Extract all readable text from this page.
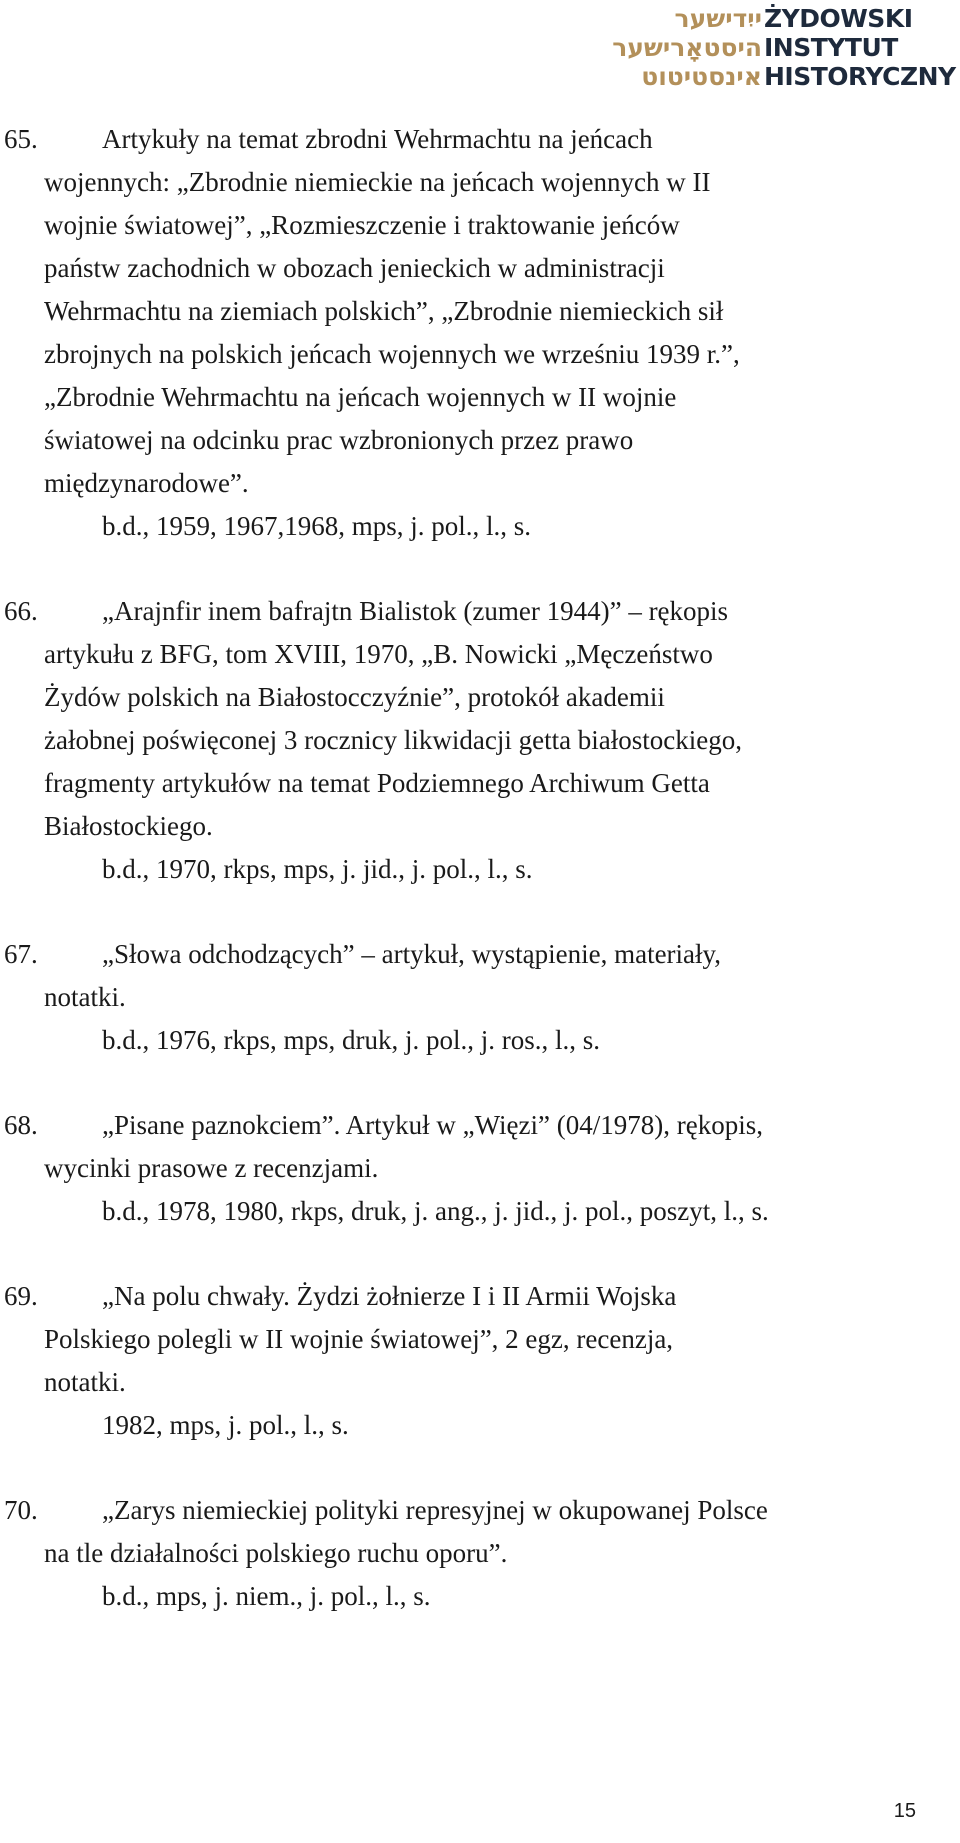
ייִדישער
היסטאָרישער
אינסטיטוט
ŻYDOWSKI
INSTYTUT
HISTORYCZNY
65.	Artykuły na temat zbrodni Wehrmachtu na jeńcach
wojennych: „Zbrodnie niemieckie na jeńcach wojennych w II
wojnie światowej”, „Rozmieszczenie i traktowanie jeńców
państw zachodnich w obozach jenieckich w administracji
Wehrmachtu na ziemiach polskich”, „Zbrodnie niemieckich sił
zbrojnych na polskich jeńcach wojennych we wrześniu 1939 r.”,
„Zbrodnie Wehrmachtu na jeńcach wojennych w II wojnie
światowej na odcinku prac wzbronionych przez prawo
międzynarodowe”.
b.d., 1959, 1967,1968, mps, j. pol., l., s.
66.	„Arajnfir inem bafrajtn Bialistok (zumer 1944)” – rękopis
artykułu z BFG, tom XVIII, 1970, „B. Nowicki „Męczeństwo
Żydów polskich na Białostocczyźnie”, protokół akademii
żałobnej poświęconej 3 rocznicy likwidacji getta białostockiego,
fragmenty artykułów na temat Podziemnego Archiwum Getta
Białostockiego.
b.d., 1970, rkps, mps, j. jid., j. pol., l., s.
67.	„Słowa odchodzących” – artykuł, wystąpienie, materiały,
notatki.
b.d., 1976, rkps, mps, druk, j. pol., j. ros., l., s.
68.	„Pisane paznokciem”. Artykuł w „Więzi” (04/1978), rękopis,
wycinki prasowe z recenzjami.
b.d., 1978, 1980, rkps, druk, j. ang., j. jid., j. pol., poszyt, l., s.
69.	„Na polu chwały. Żydzi żołnierze I i II Armii Wojska
Polskiego polegli w II wojnie światowej”, 2 egz, recenzja,
notatki.
1982, mps, j. pol., l., s.
70.	„Zarys niemieckiej polityki represyjnej w okupowanej Polsce
na tle działalności polskiego ruchu oporu”.
b.d., mps, j. niem., j. pol., l., s.
15
